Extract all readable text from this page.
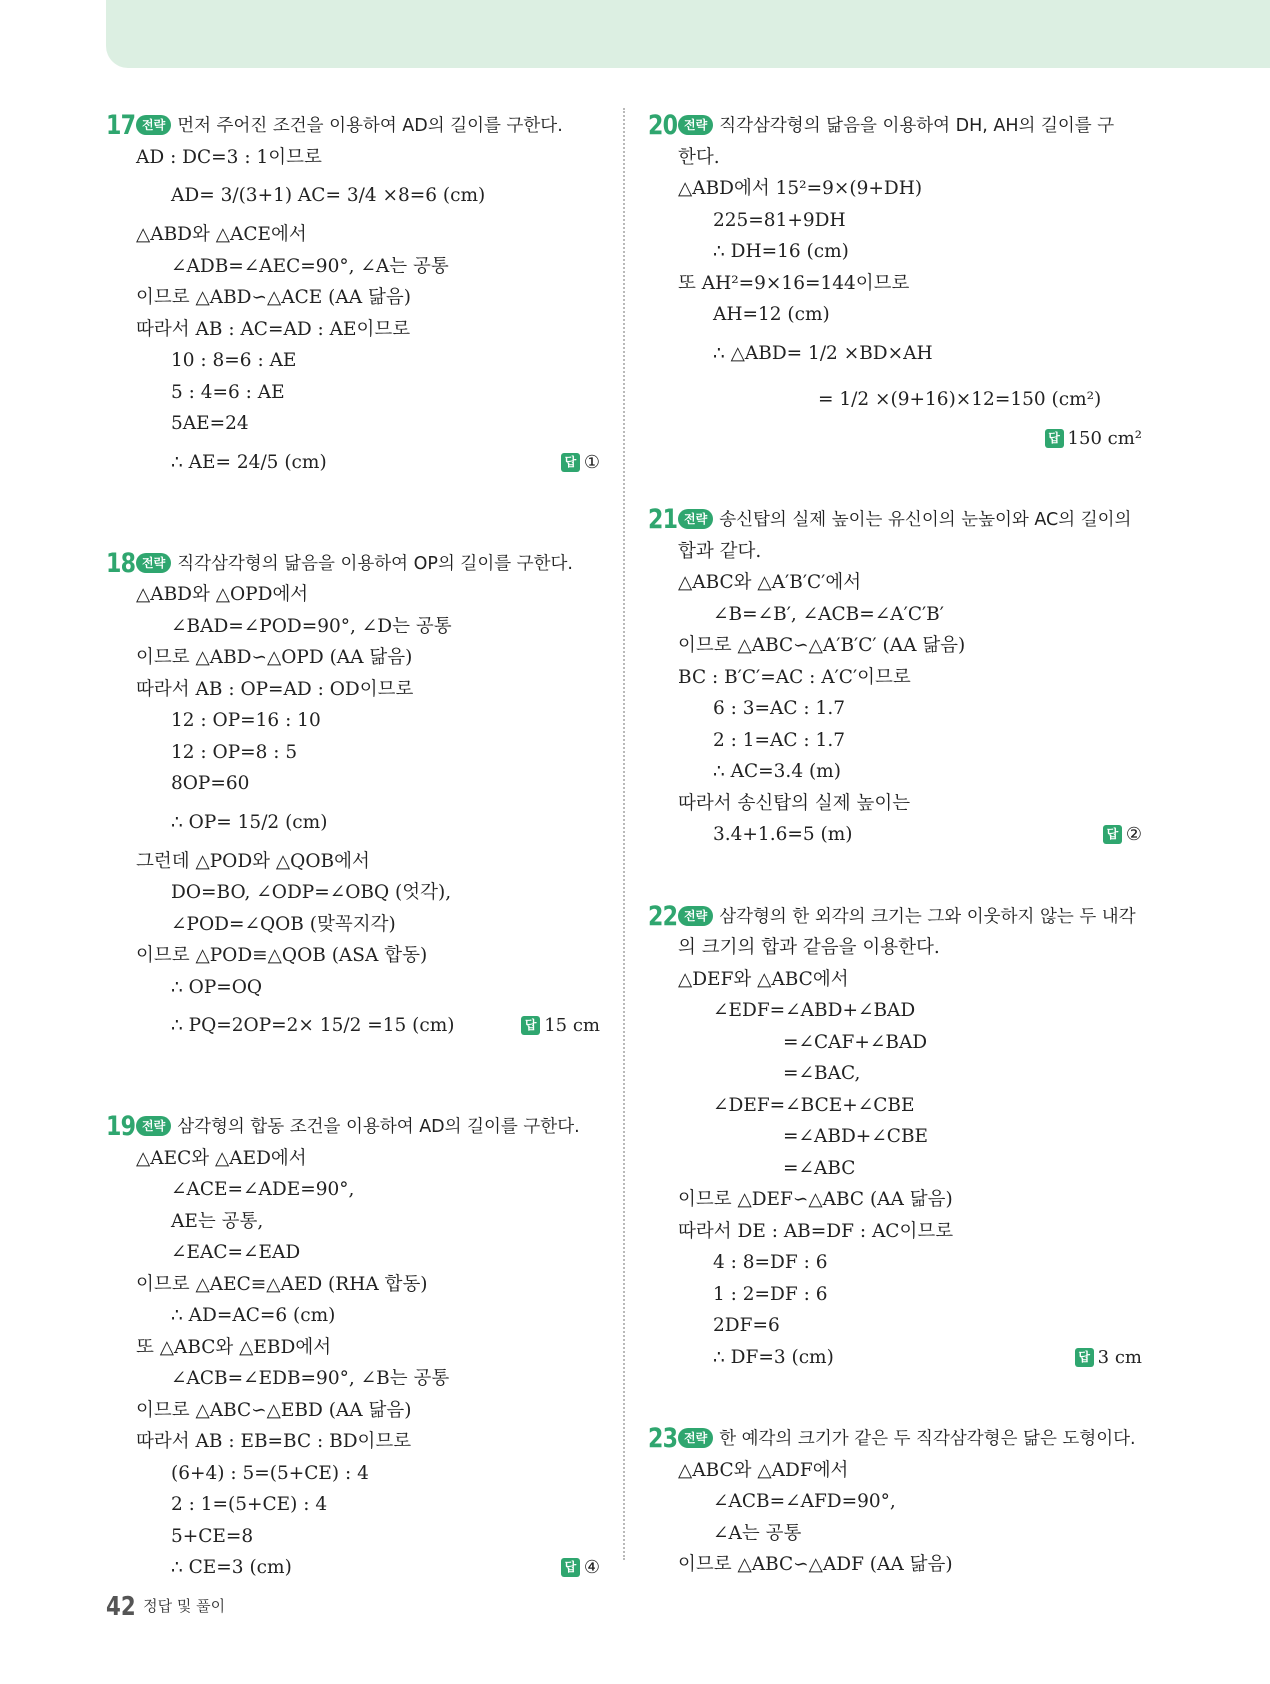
17 전략 먼저 주어진 조건을 이용하여 AD의 길이를 구한다.
AD : DC=3 : 1이므로
AD= 3/(3+1) AC= 3/4 ×8=6 (cm)
△ABD와 △ACE에서
∠ADB=∠AEC=90°, ∠A는 공통
이므로 △ABD∽△ACE (AA 닮음)
따라서 AB : AC=AD : AE이므로
10 : 8=6 : AE
5 : 4=6 : AE
5AE=24
∴ AE= 24/5 (cm)	답 ①
18 전략 직각삼각형의 닮음을 이용하여 OP의 길이를 구한다.
△ABD와 △OPD에서
∠BAD=∠POD=90°, ∠D는 공통
이므로 △ABD∽△OPD (AA 닮음)
따라서 AB : OP=AD : OD이므로
12 : OP=16 : 10
12 : OP=8 : 5
8OP=60
∴ OP= 15/2 (cm)
그런데 △POD와 △QOB에서
DO=BO, ∠ODP=∠OBQ (엇각),
∠POD=∠QOB (맞꼭지각)
이므로 △POD≡△QOB (ASA 합동)
∴ OP=OQ
∴ PQ=2OP=2× 15/2 =15 (cm)	답 15 cm
19 전략 삼각형의 합동 조건을 이용하여 AD의 길이를 구한다.
△AEC와 △AED에서
∠ACE=∠ADE=90°,
AE는 공통,
∠EAC=∠EAD
이므로 △AEC≡△AED (RHA 합동)
∴ AD=AC=6 (cm)
또 △ABC와 △EBD에서
∠ACB=∠EDB=90°, ∠B는 공통
이므로 △ABC∽△EBD (AA 닮음)
따라서 AB : EB=BC : BD이므로
(6+4) : 5=(5+CE) : 4
2 : 1=(5+CE) : 4
5+CE=8
∴ CE=3 (cm)	답 ④
20 전략 직각삼각형의 닮음을 이용하여 DH, AH의 길이를 구
한다.
△ABD에서 15²=9×(9+DH)
225=81+9DH
∴ DH=16 (cm)
또 AH²=9×16=144이므로
AH=12 (cm)
∴ △ABD= 1/2 ×BD×AH
= 1/2 ×(9+16)×12=150 (cm²)
답 150 cm²
21 전략 송신탑의 실제 높이는 유신이의 눈높이와 AC의 길이의
합과 같다.
△ABC와 △A′B′C′에서
∠B=∠B′, ∠ACB=∠A′C′B′
이므로 △ABC∽△A′B′C′ (AA 닮음)
BC : B′C′=AC : A′C′이므로
6 : 3=AC : 1.7
2 : 1=AC : 1.7
∴ AC=3.4 (m)
따라서 송신탑의 실제 높이는
3.4+1.6=5 (m)	답 ②
22 전략 삼각형의 한 외각의 크기는 그와 이웃하지 않는 두 내각
의 크기의 합과 같음을 이용한다.
△DEF와 △ABC에서
∠EDF=∠ABD+∠BAD
=∠CAF+∠BAD
=∠BAC,
∠DEF=∠BCE+∠CBE
=∠ABD+∠CBE
=∠ABC
이므로 △DEF∽△ABC (AA 닮음)
따라서 DE : AB=DF : AC이므로
4 : 8=DF : 6
1 : 2=DF : 6
2DF=6
∴ DF=3 (cm)	답 3 cm
23 전략 한 예각의 크기가 같은 두 직각삼각형은 닮은 도형이다.
△ABC와 △ADF에서
∠ACB=∠AFD=90°,
∠A는 공통
이므로 △ABC∽△ADF (AA 닮음)
42 정답 및 풀이
